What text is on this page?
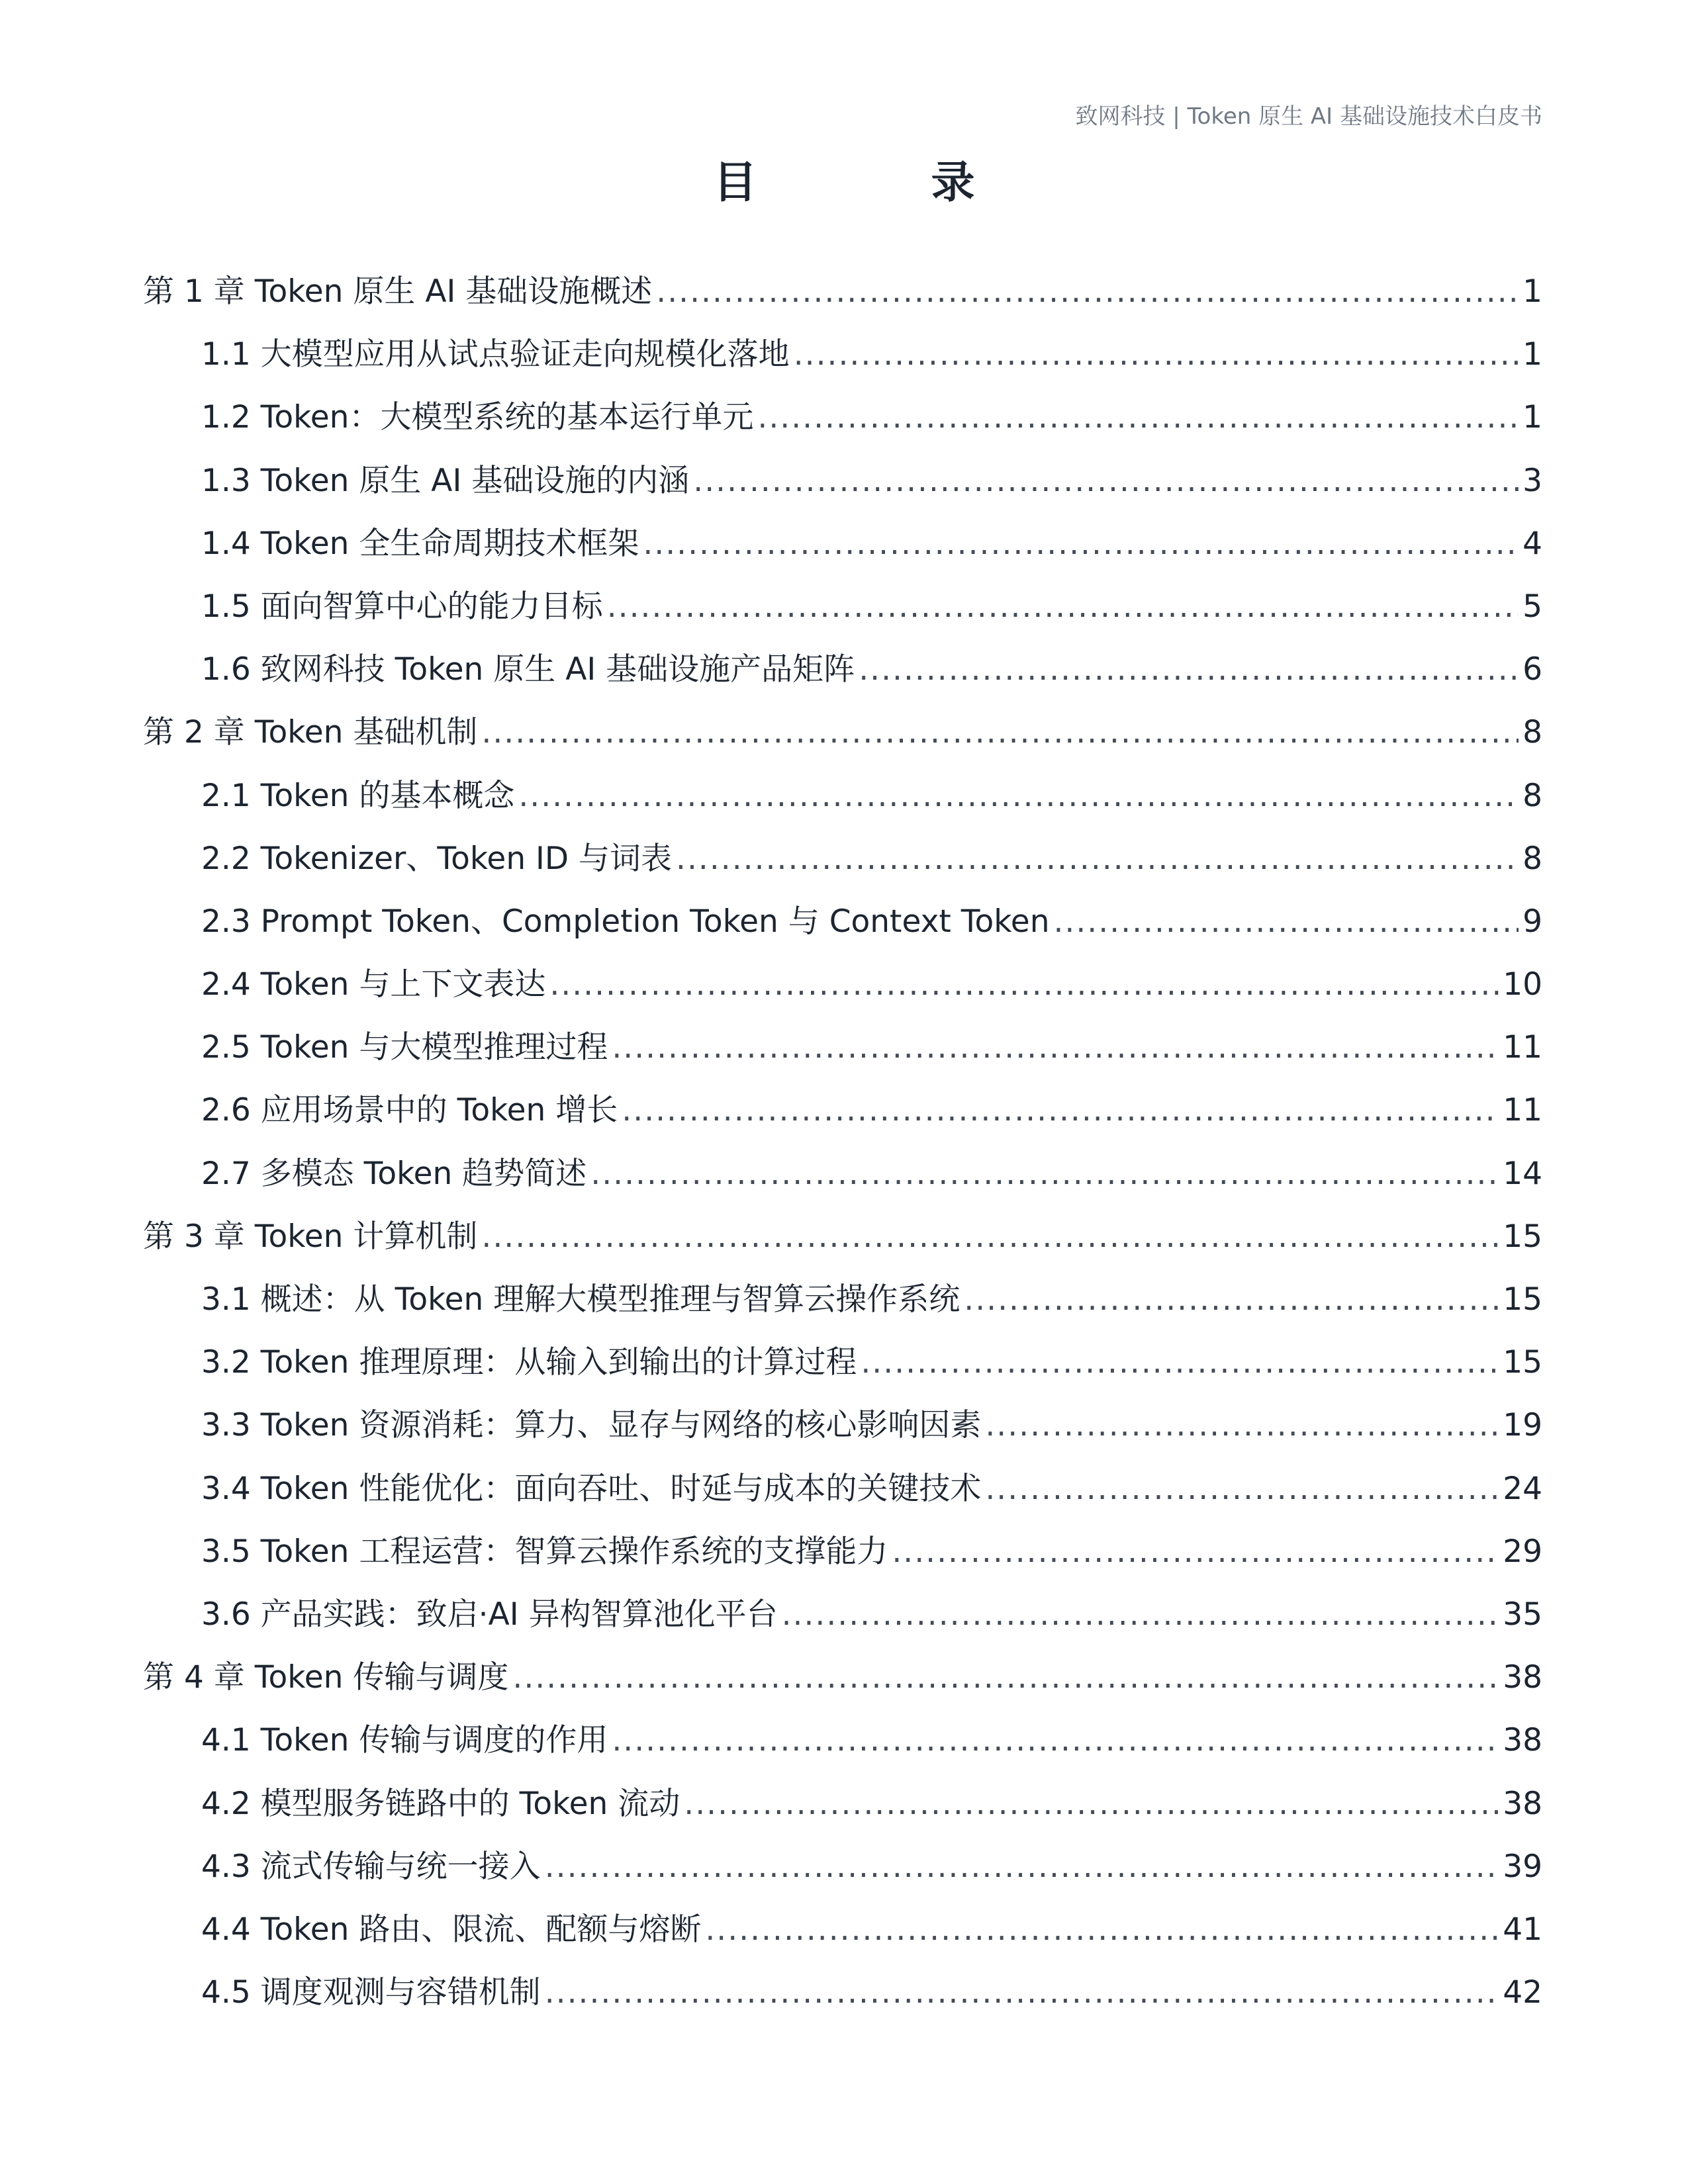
致网科技 | Token 原生 AI 基础设施技术白皮书
目 录
第 1 章 Token 原生 AI 基础设施概述 .....	1
1.1 大模型应用从试点验证走向规模化落地 .....	1
1.2 Token：大模型系统的基本运行单元 .....	1
1.3 Token 原生 AI 基础设施的内涵 .....	3
1.4 Token 全生命周期技术框架 .....	4
1.5 面向智算中心的能力目标 .....	5
1.6 致网科技 Token 原生 AI 基础设施产品矩阵 .....	6
第 2 章 Token 基础机制 .....	8
2.1 Token 的基本概念 .....	8
2.2 Tokenizer、Token ID 与词表 .....	8
2.3 Prompt Token、Completion Token 与 Context Token .....	9
2.4 Token 与上下文表达 .....	10
2.5 Token 与大模型推理过程 .....	11
2.6 应用场景中的 Token 增长 .....	11
2.7 多模态 Token 趋势简述 .....	14
第 3 章 Token 计算机制 .....	15
3.1 概述：从 Token 理解大模型推理与智算云操作系统 .....	15
3.2 Token 推理原理：从输入到输出的计算过程 .....	15
3.3 Token 资源消耗：算力、显存与网络的核心影响因素 .....	19
3.4 Token 性能优化：面向吞吐、时延与成本的关键技术 .....	24
3.5 Token 工程运营：智算云操作系统的支撑能力 .....	29
3.6 产品实践：致启·AI 异构智算池化平台 .....	35
第 4 章 Token 传输与调度 .....	38
4.1 Token 传输与调度的作用 .....	38
4.2 模型服务链路中的 Token 流动 .....	38
4.3 流式传输与统一接入 .....	39
4.4 Token 路由、限流、配额与熔断 .....	41
4.5 调度观测与容错机制 .....	42
